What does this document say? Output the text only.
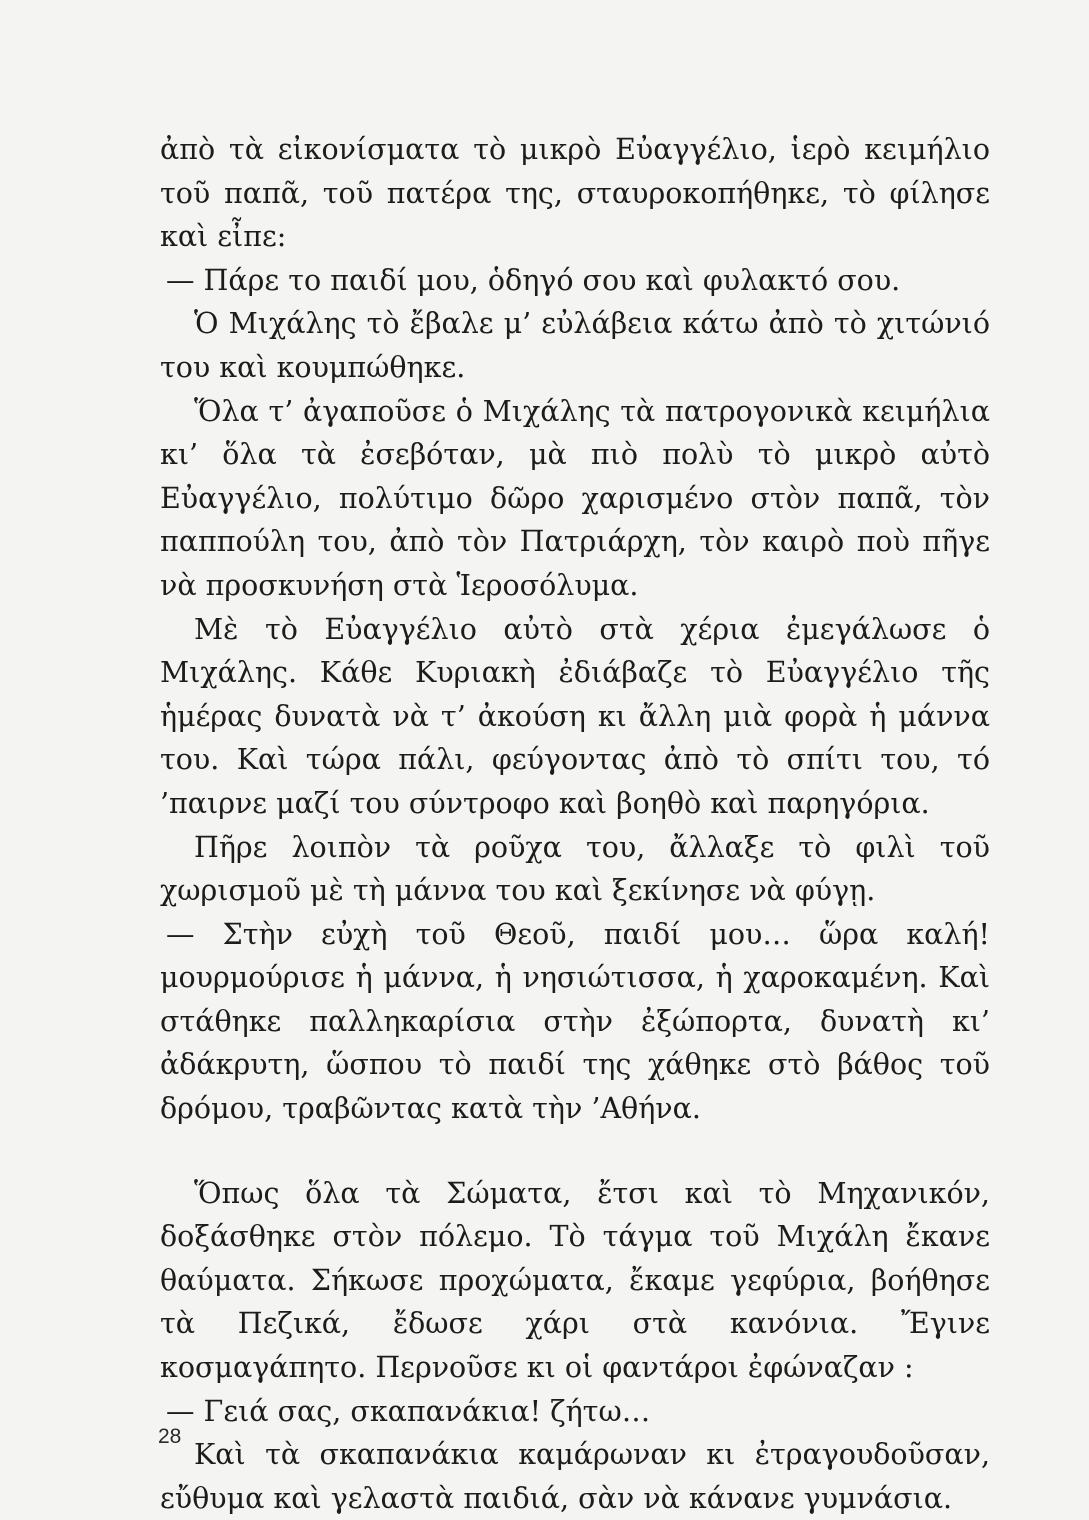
ἀπὸ τὰ εἰκονίσματα τὸ μικρὸ Εὐαγγέλιο, ἱερὸ κειμήλιο τοῦ παπᾶ, τοῦ πατέρα της, σταυροκοπήθηκε, τὸ φίλησε καὶ εἶπε:

— Πάρε το παιδί μου, ὁδηγό σου καὶ φυλακτό σου.

Ὁ Μιχάλης τὸ ἔβαλε μ’ εὐλάβεια κάτω ἀπὸ τὸ χιτώνιό του καὶ κουμπώθηκε.

Ὅλα τ’ ἀγαποῦσε ὁ Μιχάλης τὰ πατρογονικὰ κειμήλια κι’ ὅλα τὰ ἐσεβόταν, μὰ πιὸ πολὺ τὸ μικρὸ αὐτὸ Εὐαγγέλιο, πολύτιμο δῶρο χαρισμένο στὸν παπᾶ, τὸν παππούλη του, ἀπὸ τὸν Πατριάρχη, τὸν καιρὸ ποὺ πῆγε νὰ προσκυνήση στὰ Ἱεροσόλυμα.

Μὲ τὸ Εὐαγγέλιο αὐτὸ στὰ χέρια ἐμεγάλωσε ὁ Μιχάλης. Κάθε Κυριακὴ ἐδιάβαζε τὸ Εὐαγγέλιο τῆς ἡμέρας δυνατὰ νὰ τ’ ἀκούση κι ἄλλη μιὰ φορὰ ἡ μάννα του. Καὶ τώρα πάλι, φεύγοντας ἀπὸ τὸ σπίτι του, τό ’παιρνε μαζί του σύντροφο καὶ βοηθὸ καὶ παρηγόρια.

Πῆρε λοιπὸν τὰ ροῦχα του, ἄλλαξε τὸ φιλὶ τοῦ χωρισμοῦ μὲ τὴ μάννα του καὶ ξεκίνησε νὰ φύγῃ.

— Στὴν εὐχὴ τοῦ Θεοῦ, παιδί μου… ὥρα καλή! μουρμούρισε ἡ μάννα, ἡ νησιώτισσα, ἡ χαροκαμένη. Καὶ στάθηκε παλληκαρίσια στὴν ἐξώπορτα, δυνατὴ κι’ ἀδάκρυτη, ὥσπου τὸ παιδί της χάθηκε στὸ βάθος τοῦ δρόμου, τραβῶντας κατὰ τὴν ’Αθήνα.

Ὅπως ὅλα τὰ Σώματα, ἔτσι καὶ τὸ Μηχανικόν, δοξάσθηκε στὸν πόλεμο. Τὸ τάγμα τοῦ Μιχάλη ἔκανε θαύματα. Σήκωσε προχώματα, ἔκαμε γεφύρια, βοήθησε τὰ Πεζικά, ἔδωσε χάρι στὰ κανόνια. Ἔγινε κοσμαγάπητο. Περνοῦσε κι οἱ φαντάροι ἐφώναζαν :

— Γειά σας, σκαπανάκια! ζήτω…

Καὶ τὰ σκαπανάκια καμάρωναν κι ἐτραγουδοῦσαν, εὔθυμα καὶ γελαστὰ παιδιά, σὰν νὰ κάνανε γυμνάσια.

28
